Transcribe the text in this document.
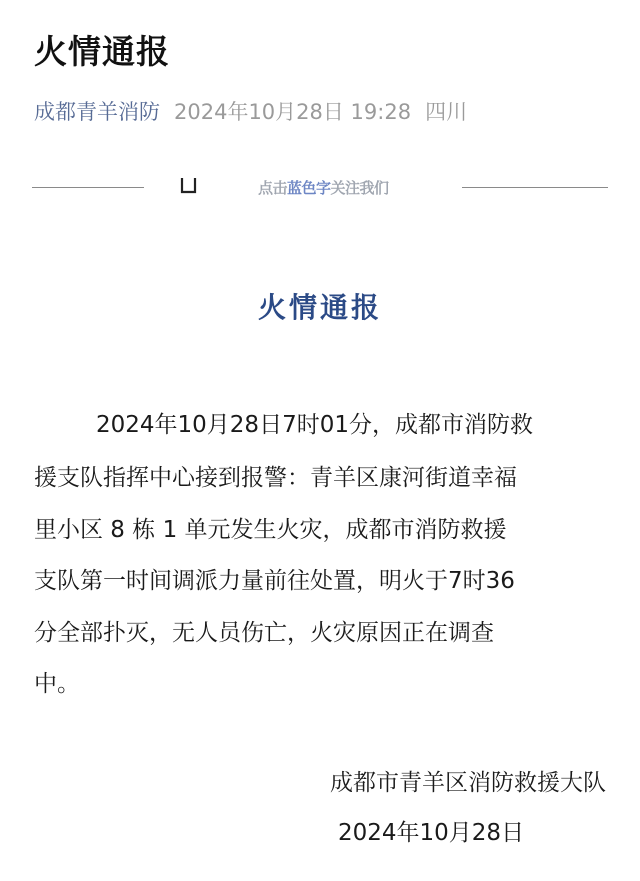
火情通报
成都青羊消防 2024年10月28日 19:28 四川
点击蓝色字关注我们
火情通报
2024年10月28日7时01分，成都市消防救
援支队指挥中心接到报警：青羊区康河街道幸福
里小区 8 栋 1 单元发生火灾，成都市消防救援
支队第一时间调派力量前往处置，明火于7时36
分全部扑灭，无人员伤亡，火灾原因正在调查
中。
成都市青羊区消防救援大队
2024年10月28日
